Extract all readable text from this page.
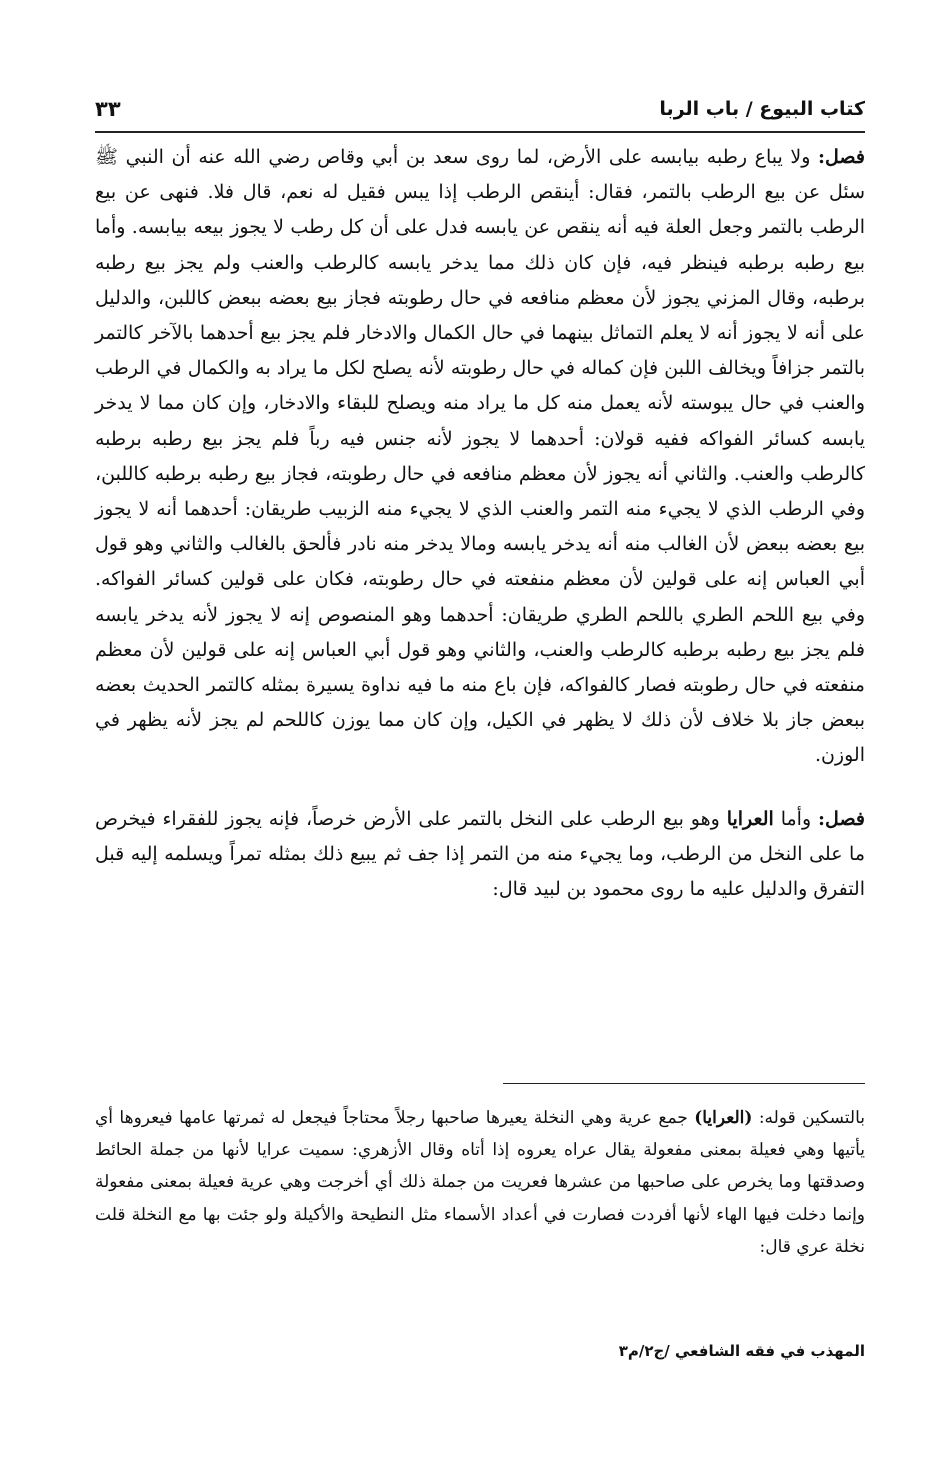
كتاب البيوع / باب الربا
٣٣

فصل: ولا يباع رطبه بيابسه على الأرض، لما روى سعد بن أبي وقاص رضي الله عنه أن النبي ﷺ سئل عن بيع الرطب بالتمر، فقال: أينقص الرطب إذا يبس فقيل له نعم، قال فلا. فنهى عن بيع الرطب بالتمر وجعل العلة فيه أنه ينقص عن يابسه فدل على أن كل رطب لا يجوز بيعه بيابسه. وأما بيع رطبه برطبه فينظر فيه، فإن كان ذلك مما يدخر يابسه كالرطب والعنب ولم يجز بيع رطبه برطبه، وقال المزني يجوز لأن معظم منافعه في حال رطوبته فجاز بيع بعضه ببعض كاللبن، والدليل على أنه لا يجوز أنه لا يعلم التماثل بينهما في حال الكمال والادخار فلم يجز بيع أحدهما بالآخر كالتمر بالتمر جزافاً ويخالف اللبن فإن كماله في حال رطوبته لأنه يصلح لكل ما يراد به والكمال في الرطب والعنب في حال يبوسته لأنه يعمل منه كل ما يراد منه ويصلح للبقاء والادخار، وإن كان مما لا يدخر يابسه كسائر الفواكه ففيه قولان: أحدهما لا يجوز لأنه جنس فيه رباً فلم يجز بيع رطبه برطبه كالرطب والعنب. والثاني أنه يجوز لأن معظم منافعه في حال رطوبته، فجاز بيع رطبه برطبه كاللبن، وفي الرطب الذي لا يجيء منه التمر والعنب الذي لا يجيء منه الزبيب طريقان: أحدهما أنه لا يجوز بيع بعضه ببعض لأن الغالب منه أنه يدخر يابسه ومالا يدخر منه نادر فألحق بالغالب والثاني وهو قول أبي العباس إنه على قولين لأن معظم منفعته في حال رطوبته، فكان على قولين كسائر الفواكه. وفي بيع اللحم الطري باللحم الطري طريقان: أحدهما وهو المنصوص إنه لا يجوز لأنه يدخر يابسه فلم يجز بيع رطبه برطبه كالرطب والعنب، والثاني وهو قول أبي العباس إنه على قولين لأن معظم منفعته في حال رطوبته فصار كالفواكه، فإن باع منه ما فيه نداوة يسيرة بمثله كالتمر الحديث بعضه ببعض جاز بلا خلاف لأن ذلك لا يظهر في الكيل، وإن كان مما يوزن كاللحم لم يجز لأنه يظهر في الوزن.

فصل: وأما العرايا وهو بيع الرطب على النخل بالتمر على الأرض خرصاً، فإنه يجوز للفقراء فيخرص ما على النخل من الرطب، وما يجيء منه من التمر إذا جف ثم يبيع ذلك بمثله تمراً ويسلمه إليه قبل التفرق والدليل عليه ما روى محمود بن لبيد قال:

بالتسكين قوله: (العرايا) جمع عرية وهي النخلة يعيرها صاحبها رجلاً محتاجاً فيجعل له ثمرتها عامها فيعروها أي يأتيها وهي فعيلة بمعنى مفعولة يقال عراه يعروه إذا أتاه وقال الأزهري: سميت عرايا لأنها من جملة الحائط وصدقتها وما يخرص على صاحبها من عشرها فعريت من جملة ذلك أي أخرجت وهي عرية فعيلة بمعنى مفعولة وإنما دخلت فيها الهاء لأنها أفردت فصارت في أعداد الأسماء مثل النطيحة والأكيلة ولو جئت بها مع النخلة قلت نخلة عري قال:

المهذب في فقه الشافعي /ج٢/م٣
